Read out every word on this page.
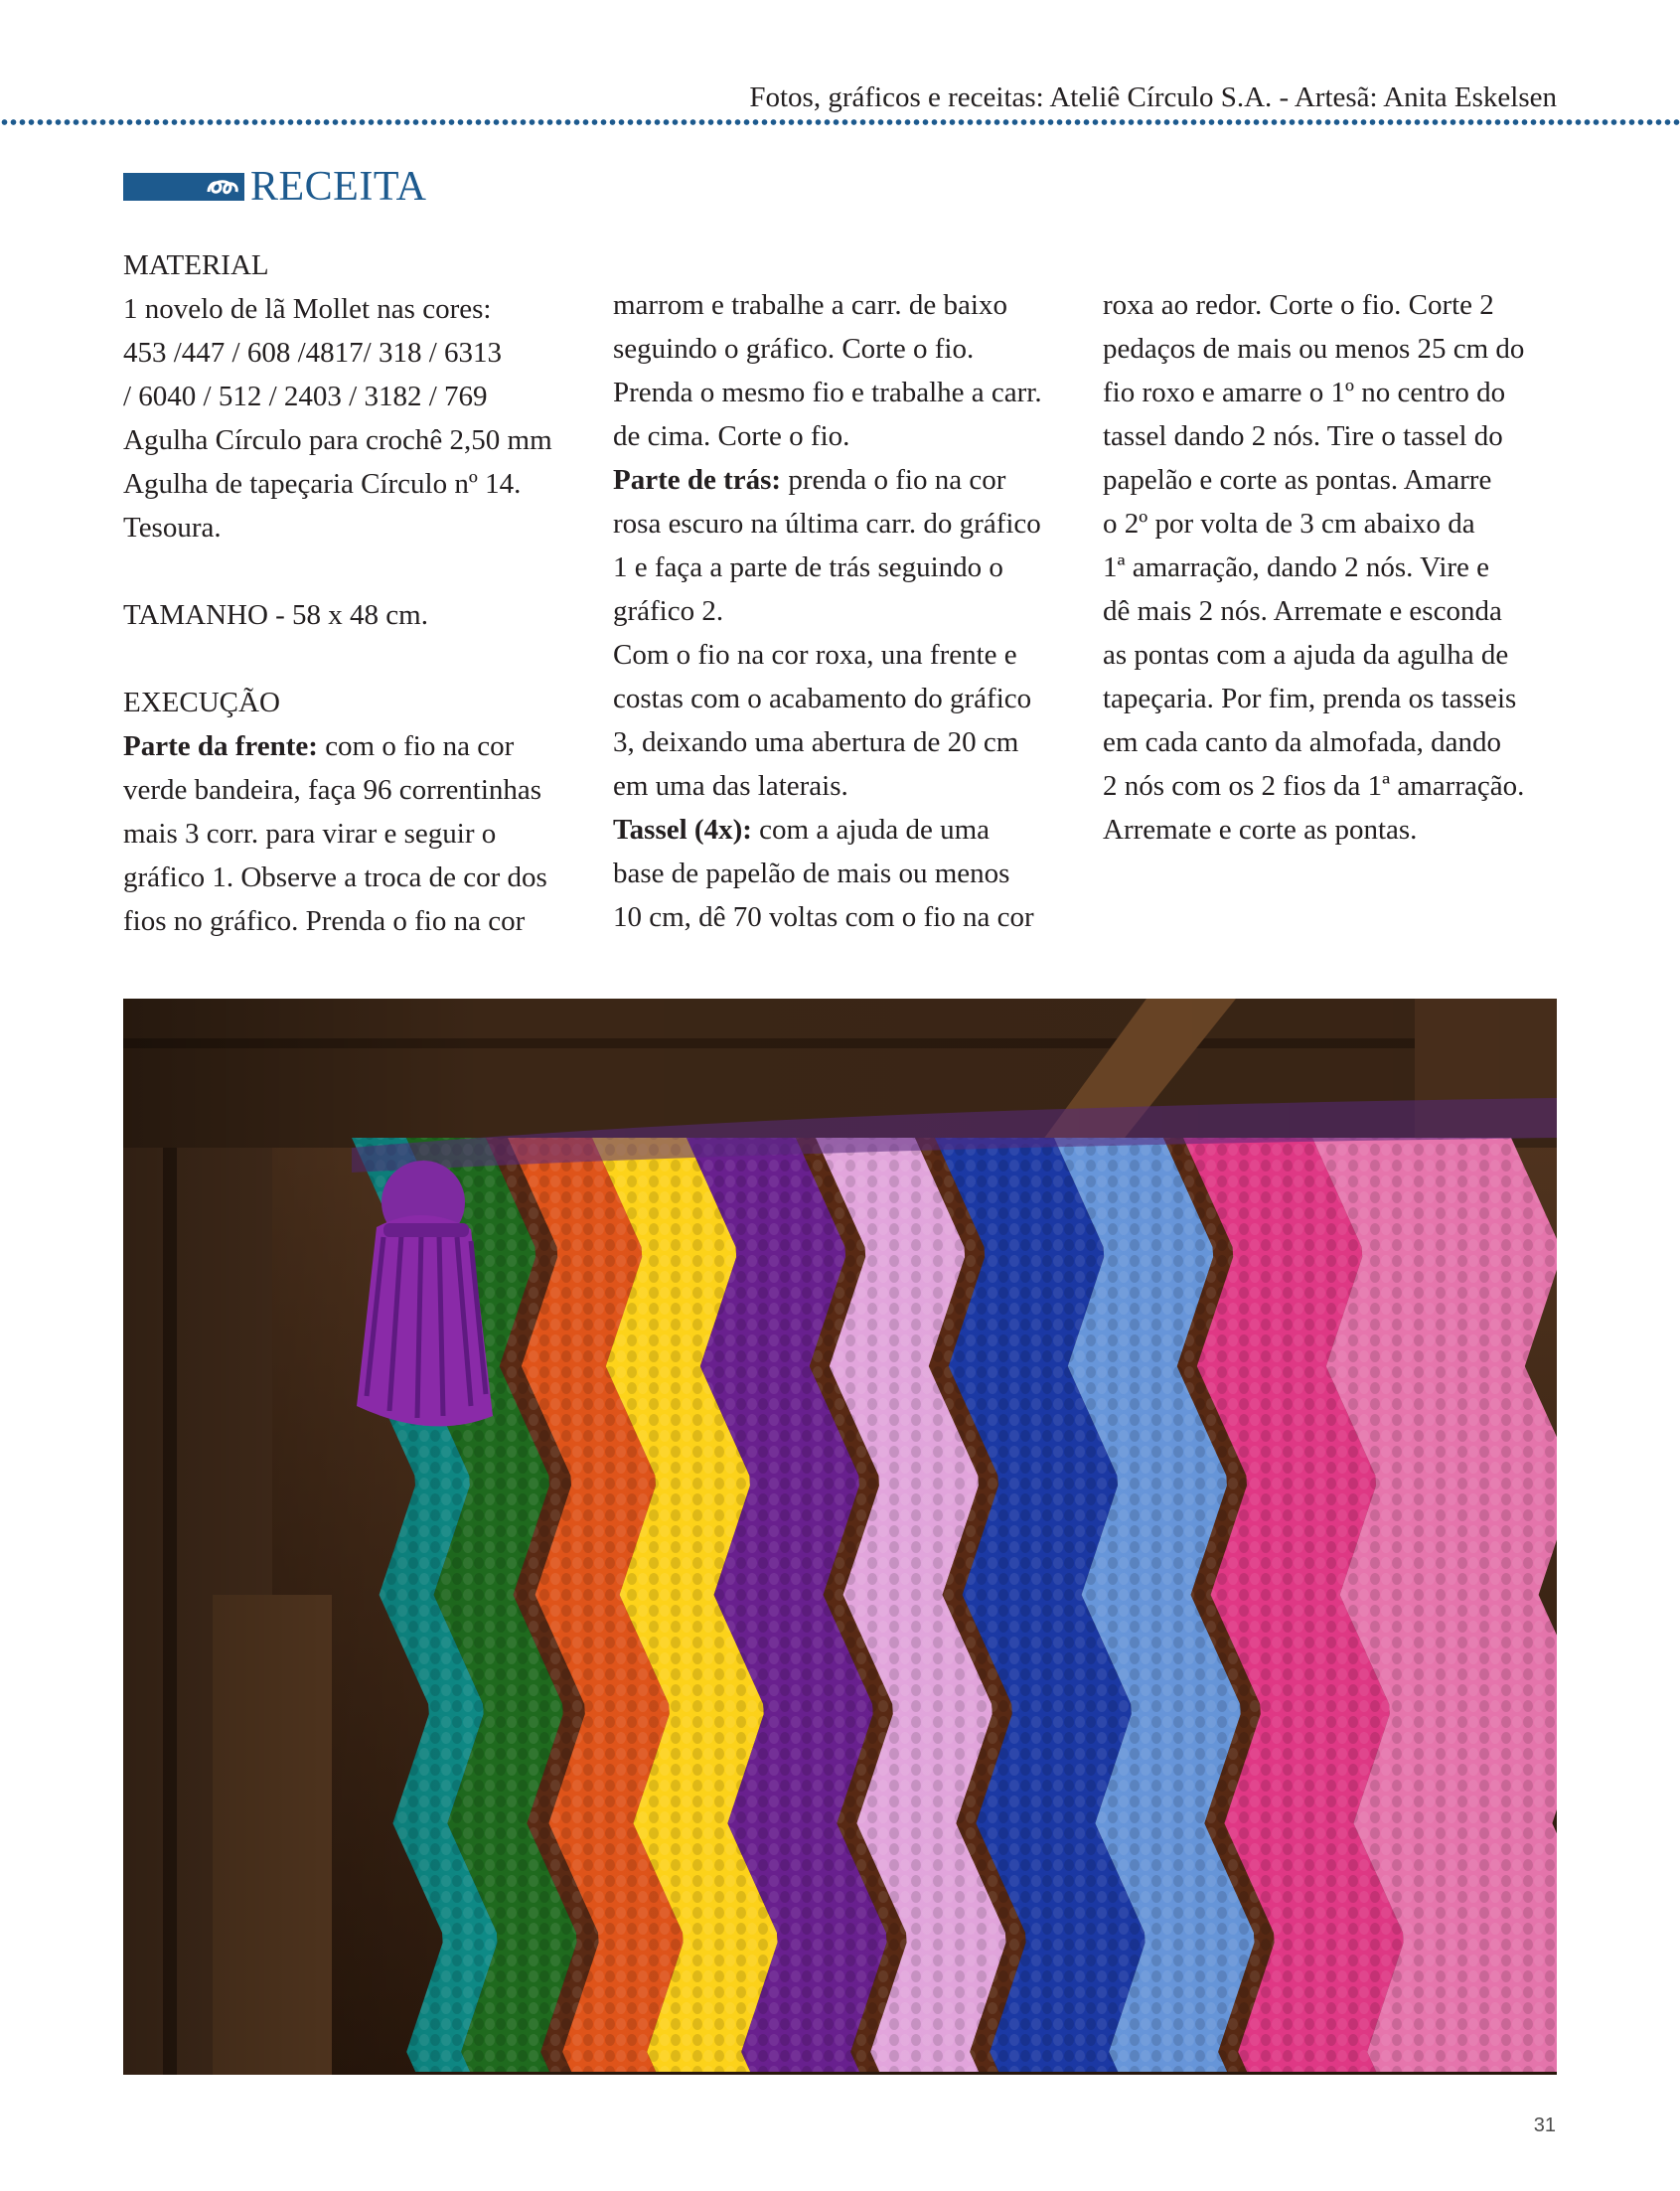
Fotos, gráficos e receitas: Ateliê Círculo S.A. - Artesã: Anita Eskelsen
RECEITA
MATERIAL
1 novelo de lã Mollet nas cores:
453 /447 / 608 /4817/ 318 / 6313
/ 6040 / 512 / 2403 / 3182 / 769
Agulha Círculo para crochê 2,50 mm
Agulha de tapeçaria Círculo nº 14.
Tesoura.
TAMANHO - 58 x 48 cm.
EXECUÇÃO
Parte da frente: com o fio na cor
verde bandeira, faça 96 correntinhas
mais 3 corr. para virar e seguir o
gráfico 1. Observe a troca de cor dos
fios no gráfico. Prenda o fio na cor
marrom e trabalhe a carr. de baixo
seguindo o gráfico. Corte o fio.
Prenda o mesmo fio e trabalhe a carr.
de cima. Corte o fio.
Parte de trás: prenda o fio na cor
rosa escuro na última carr. do gráfico
1 e faça a parte de trás seguindo o
gráfico 2.
Com o fio na cor roxa, una frente e
costas com o acabamento do gráfico
3, deixando uma abertura de 20 cm
em uma das laterais.
Tassel (4x): com a ajuda de uma
base de papelão de mais ou menos
10 cm, dê 70 voltas com o fio na cor
roxa ao redor. Corte o fio. Corte 2
pedaços de mais ou menos 25 cm do
fio roxo e amarre o 1º no centro do
tassel dando 2 nós. Tire o tassel do
papelão e corte as pontas. Amarre
o 2º por volta de 3 cm abaixo da
1ª amarração, dando 2 nós. Vire e
dê mais 2 nós. Arremate e esconda
as pontas com a ajuda da agulha de
tapeçaria. Por fim, prenda os tasseis
em cada canto da almofada, dando
2 nós com os 2 fios da 1ª amarração.
Arremate e corte as pontas.
31
